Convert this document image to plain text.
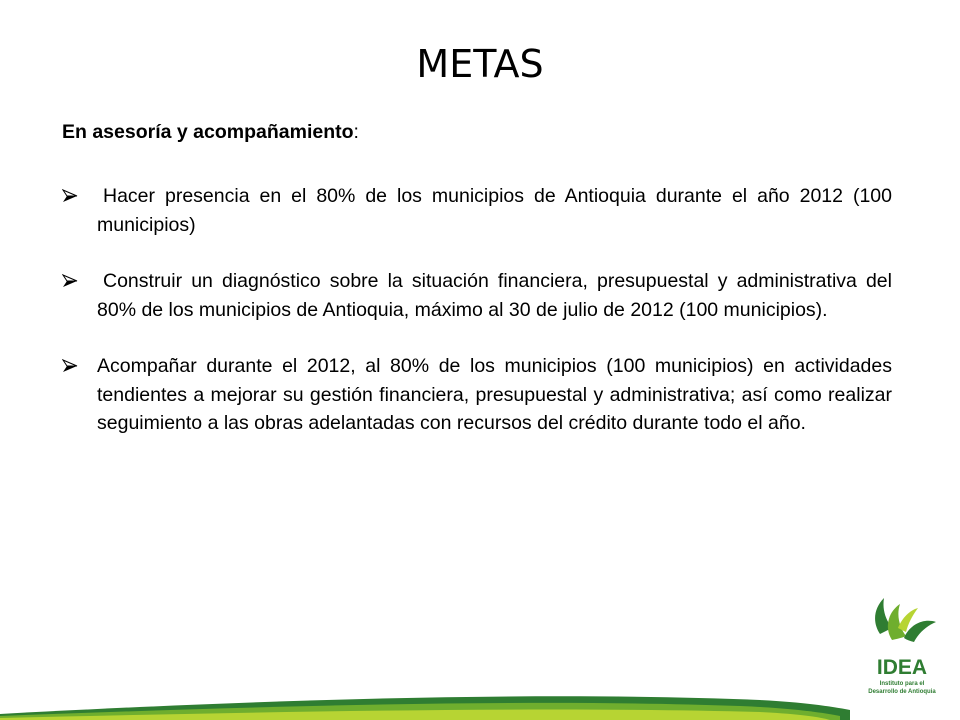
METAS
En asesoría y acompañamiento:
Hacer presencia en el 80% de los municipios de Antioquia durante el año 2012 (100 municipios)
Construir un diagnóstico sobre la situación financiera, presupuestal y administrativa del 80% de los municipios de Antioquia, máximo al 30 de julio de 2012 (100 municipios).
Acompañar durante el 2012, al 80% de los municipios (100 municipios) en actividades tendientes a mejorar su gestión financiera, presupuestal y administrativa; así como realizar seguimiento a las obras adelantadas con recursos del crédito durante todo el año.
IDEA
Instituto para el
Desarrollo de Antioquia
